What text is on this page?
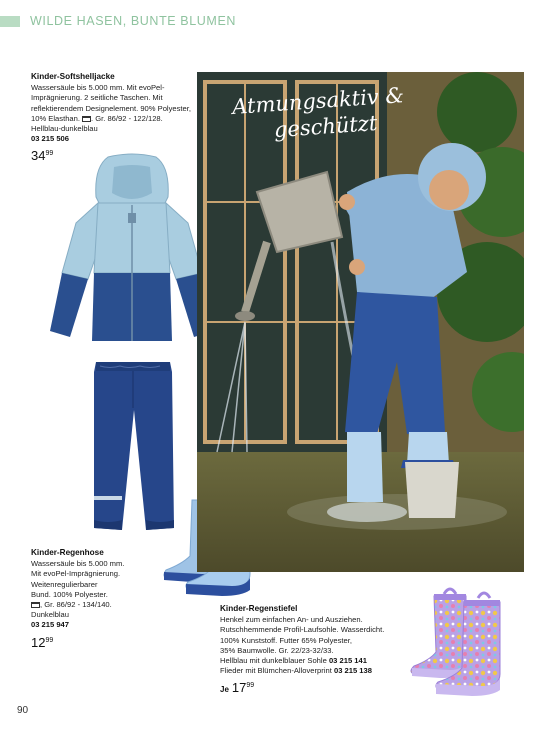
WILDE HASEN, BUNTE BLUMEN
Kinder-Softshelljacke
Wassersäule bis 5.000 mm. Mit evoPel-Imprägnierung. 2 seitliche Taschen. Mit reflektierendem Designelement. 90% Polyester, 10% Elasthan. . Gr. 86/92 - 122/128. Hellblau-dunkelblau
03 215 506
$34^{99}$
Atmungsaktiv &
geschützt
Kinder-Regenhose
Wassersäule bis 5.000 mm.
Mit evoPel-Imprägnierung.
Weitenregulierbarer
Bund. 100% Polyester.
, Gr. 86/92 - 134/140.
Dunkelblau
03 215 947
$12^{99}$
Kinder-Regenstiefel
Henkel zum einfachen An- und Ausziehen.
Rutschhemmende Profil-Laufsohle. Wasserdicht.
100% Kunststoff. Futter 65% Polyester,
35% Baumwolle. Gr. 22/23-32/33.
Hellblau mit dunkelblauer Sohle 03 215 141
Flieder mit Blümchen-Alloverprint 03 215 138
Je $17^{99}$
90
